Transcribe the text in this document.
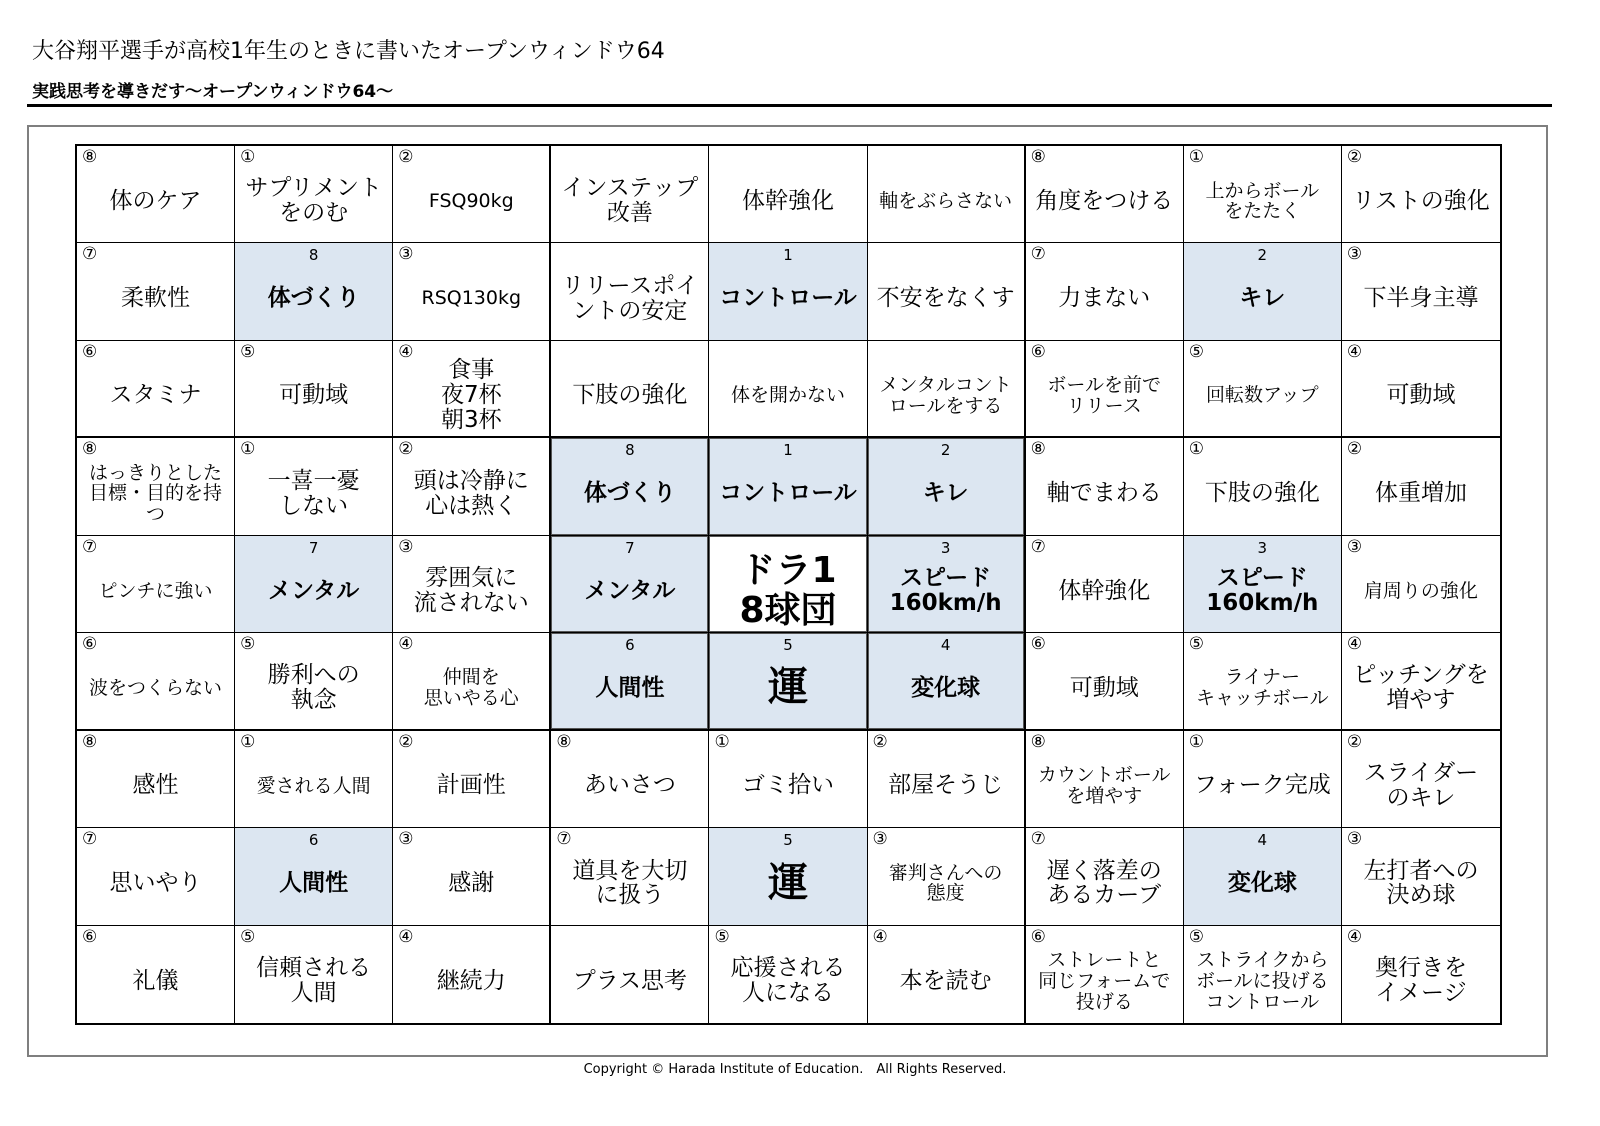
大谷翔平選手が高校1年生のときに書いたオープンウィンドウ64
実践思考を導きだす～オープンウィンドウ64～
⑧
体のケア
①
サプリメント
をのむ
②
FSQ90kg インステップ
改善	体幹強化 軸をぶらさない
⑧
角度をつける
①
上からボール
をたたく
②
リストの強化
⑦
柔軟性
8
体づくり
③
RSQ130kg リリースポイ
ントの安定
1
コントロール 不安をなくす
⑦
力まない
2
キレ
③
下半身主導
⑥
スタミナ
⑤
可動域
④
食事
夜7杯
朝3杯
下肢の強化 体を開かない メンタルコント
ロールをする
⑥
ボールを前で
リリース
⑤
回転数アップ
④
可動域
⑧
はっきりとした
目標・目的を持
つ
①
一喜一憂
しない
②
頭は冷静に
心は熱く
8
体づくり
1
コントロール
2
キレ
⑧
軸でまわる
①
下肢の強化
②
体重増加
⑦
ピンチに強い
7
メンタル
③
雰囲気に
流されない
7
メンタル ドラ1
8球団
3
スピード
160km/h
⑦
体幹強化
3
スピード
160km/h
③
肩周りの強化
⑥
波をつくらない
⑤
勝利への
執念
④
仲間を
思いやる心
6
人間性
5
運
4
変化球
⑥
可動域
⑤
ライナー
キャッチボール
④
ピッチングを
増やす
⑧
感性
①
愛される人間
②
計画性
⑧
あいさつ
①
ゴミ拾い
②
部屋そうじ
⑧
カウントボール
を増やす
①
フォーク完成
②
スライダー
のキレ
⑦
思いやり
6
人間性
③
感謝
⑦
道具を大切
に扱う
5
運
③
審判さんへの
態度
⑦
遅く落差の
あるカーブ
4
変化球
③
左打者への
決め球
⑥
礼儀
⑤
信頼される
人間
④
継続力	プラス思考
⑤
応援される
人になる
④
本を読む
⑥
ストレートと
同じフォームで
投げる
⑤
ストライクから
ボールに投げる
コントロール
④
奥行きを
イメージ
Copyright © Harada Institute of Education.　All Rights Reserved.
